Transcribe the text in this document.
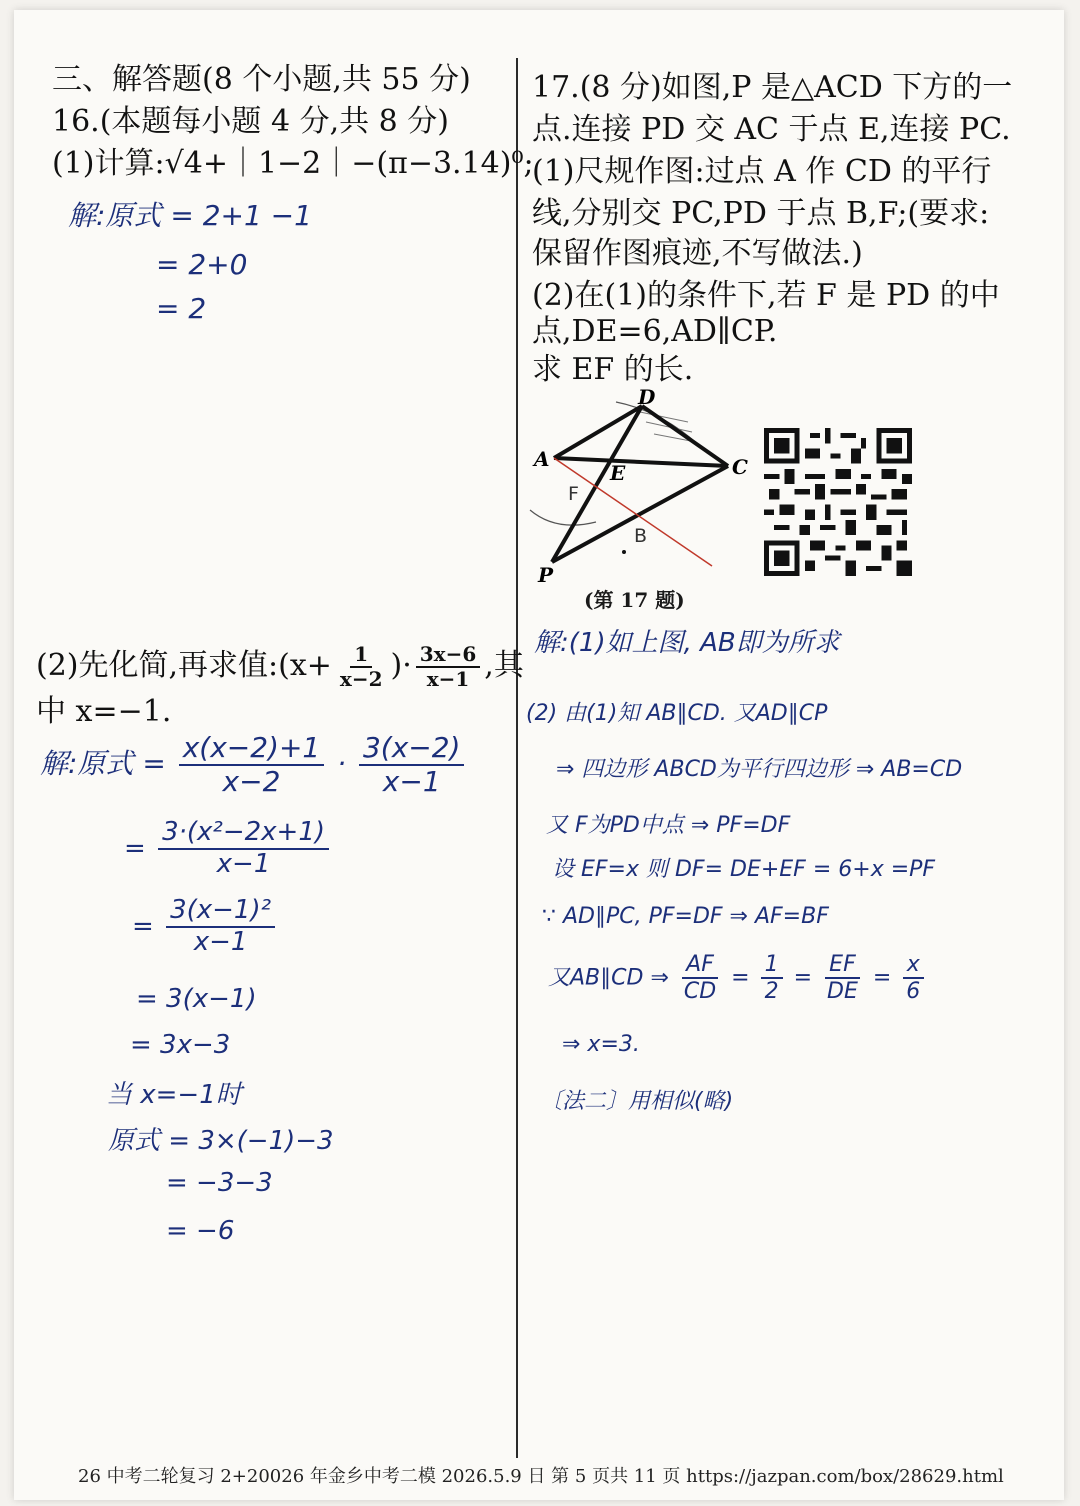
三、解答题(8 个小题,共 55 分)
16.(本题每小题 4 分,共 8 分)
(1)计算:√4+｜1−2｜−(π−3.14)⁰;
解:原式 = 2+1 −1
= 2+0
= 2
(2)先化简,再求值:(x+ $\frac{1}{x-2}$ )· $\frac{3x-6}{x-1}$ ,其
中 x=−1.
解:原式 = $\frac{x(x-2)+1}{x-2} \cdot \frac{3(x-2)}{x-1}$
= $\frac{\text{3·(x²−2x+1)}}{x-1}$
= $\frac{\text{3(x−1)²}}{x-1}$
= 3(x−1)
= 3x−3
当 x=−1时
原式 = 3×(−1)−3
= −3−3
= −6
17.(8 分)如图,P 是△ACD 下方的一
点.连接 PD 交 AC 于点 E,连接 PC.
(1)尺规作图:过点 A 作 CD 的平行
线,分别交 PC,PD 于点 B,F;(要求:
保留作图痕迹,不写做法.)
(2)在(1)的条件下,若 F 是 PD 的中
点,DE=6,AD∥CP.
求 EF 的长.
D
A
E	C
F
B
P
(第 17 题)
解:(1)如上图, AB即为所求
(2) 由(1)知 AB∥CD. 又AD∥CP
⇒ 四边形 ABCD为平行四边形 ⇒ AB=CD
又 F为PD中点 ⇒ PF=DF
设 EF=x 则 DF= DE+EF = 6+x =PF
∵ AD∥PC, PF=DF ⇒ AF=BF
又AB∥CD ⇒ $\frac{AF}{CD} = \frac{1}{2} = \frac{EF}{DE} = \frac{x}{6}$
⇒ x=3.
〔法二〕用相似(略)
26 中考二轮复习 2+20026 年金乡中考二模 2026.5.9 日 第 5 页共 11 页 https://jazpan.com/box/28629.html
